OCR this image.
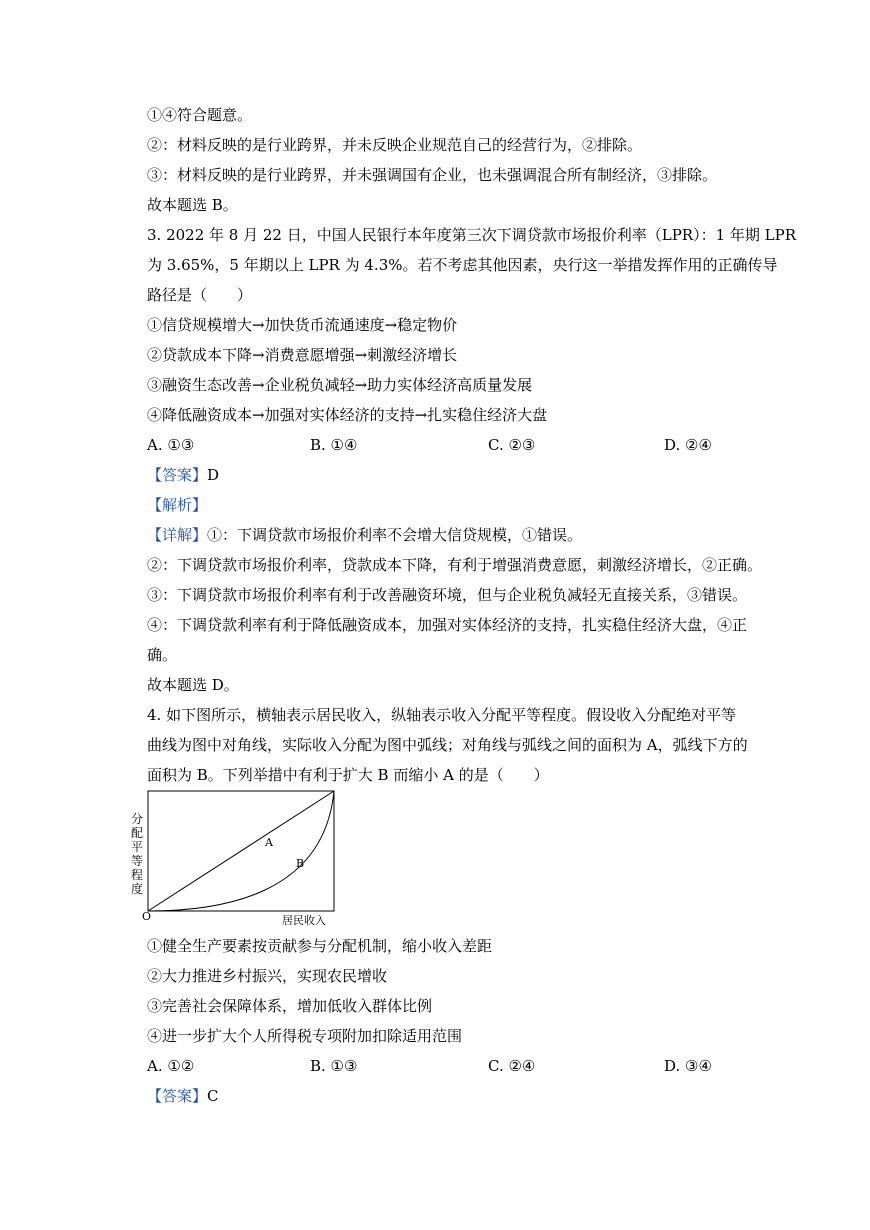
①④符合题意。
②：材料反映的是行业跨界，并未反映企业规范自己的经营行为，②排除。
③：材料反映的是行业跨界，并未强调国有企业，也未强调混合所有制经济，③排除。
故本题选 B。
3. 2022 年 8 月 22 日，中国人民银行本年度第三次下调贷款市场报价利率（LPR）：1 年期 LPR
为 3.65%，5 年期以上 LPR 为 4.3%。若不考虑其他因素，央行这一举措发挥作用的正确传导
路径是（　　）
①信贷规模增大→加快货币流通速度→稳定物价
②贷款成本下降→消费意愿增强→刺激经济增长
③融资生态改善→企业税负减轻→助力实体经济高质量发展
④降低融资成本→加强对实体经济的支持→扎实稳住经济大盘
A. ①③	B. ①④	C. ②③	D. ②④
【答案】D
【解析】
【详解】①：下调贷款市场报价利率不会增大信贷规模，①错误。
②：下调贷款市场报价利率，贷款成本下降，有利于增强消费意愿，刺激经济增长，②正确。
③：下调贷款市场报价利率有利于改善融资环境，但与企业税负减轻无直接关系，③错误。
④：下调贷款利率有利于降低融资成本，加强对实体经济的支持，扎实稳住经济大盘，④正
确。
故本题选 D。
4. 如下图所示，横轴表示居民收入，纵轴表示收入分配平等程度。假设收入分配绝对平等
曲线为图中对角线，实际收入分配为图中弧线；对角线与弧线之间的面积为 A，弧线下方的
面积为 B。下列举措中有利于扩大 B 而缩小 A 的是（　　）
分配平等程度
O	居民收入
A
B
①健全生产要素按贡献参与分配机制，缩小收入差距
②大力推进乡村振兴，实现农民增收
③完善社会保障体系，增加低收入群体比例
④进一步扩大个人所得税专项附加扣除适用范围
A. ①②	B. ①③	C. ②④	D. ③④
【答案】C
